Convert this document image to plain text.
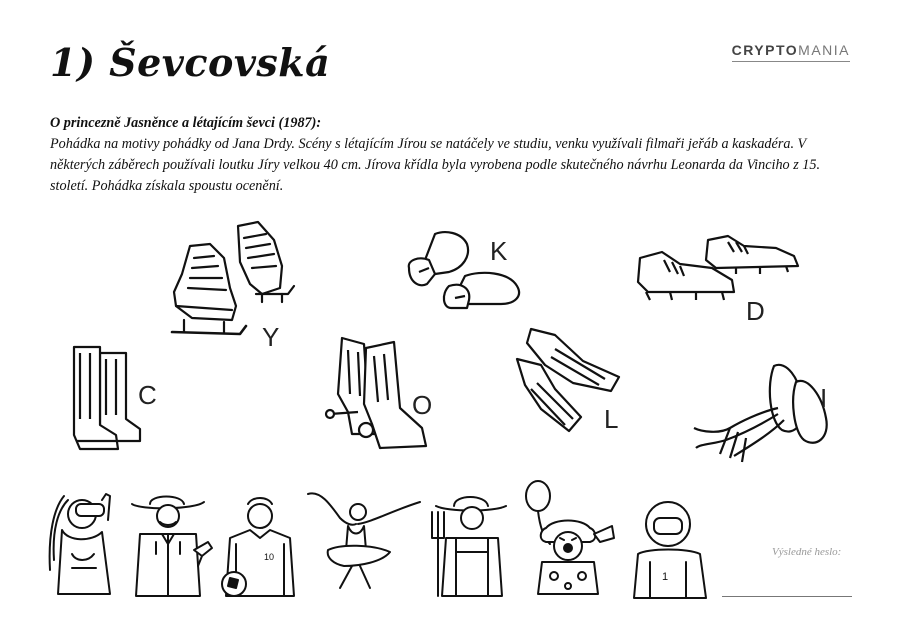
1) Ševcovská	CRYPTOMANIA
O princezně Jasněnce a létajícím ševci (1987):
Pohádka na motivy pohádky od Jana Drdy. Scény s létajícím Jírou se natáčely ve studiu, venku využívali filmaři jeřáb a kaskadéra. V některých záběrech používali loutku Jíry velkou 40 cm. Jírova křídla byla vyrobena podle skutečného návrhu Leonarda da Vinciho z 15. století. Pohádka získala spoustu ocenění.
Y
K
D
C	O	L
I
10
1
Výsledné heslo:
